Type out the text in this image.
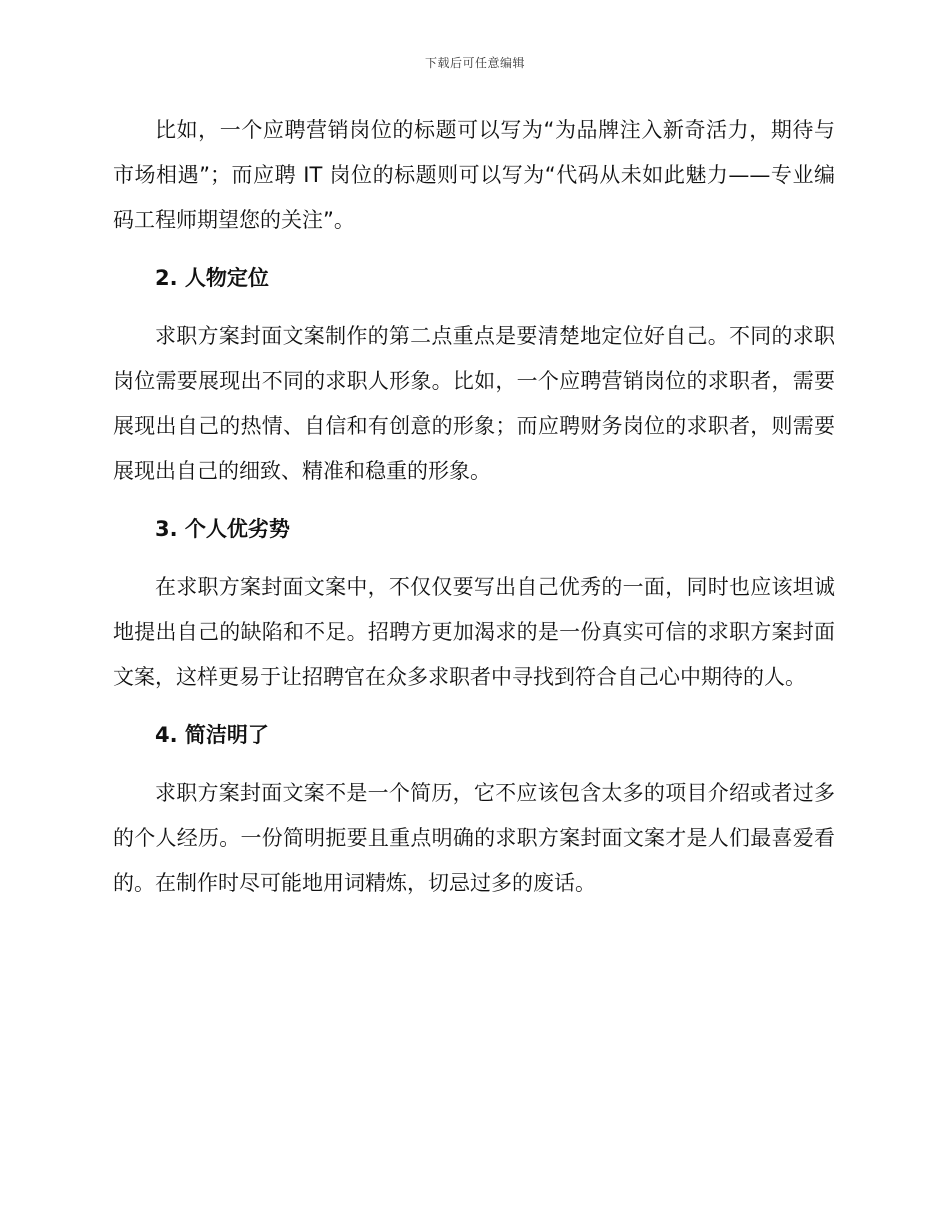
下载后可任意编辑

比如，一个应聘营销岗位的标题可以写为“为品牌注入新奇活力，期待与市场相遇”；而应聘 IT 岗位的标题则可以写为“代码从未如此魅力——专业编码工程师期望您的关注”。

2. 人物定位

求职方案封面文案制作的第二点重点是要清楚地定位好自己。不同的求职岗位需要展现出不同的求职人形象。比如，一个应聘营销岗位的求职者，需要展现出自己的热情、自信和有创意的形象；而应聘财务岗位的求职者，则需要展现出自己的细致、精准和稳重的形象。

3. 个人优劣势

在求职方案封面文案中，不仅仅要写出自己优秀的一面，同时也应该坦诚地提出自己的缺陷和不足。招聘方更加渴求的是一份真实可信的求职方案封面文案，这样更易于让招聘官在众多求职者中寻找到符合自己心中期待的人。

4. 简洁明了

求职方案封面文案不是一个简历，它不应该包含太多的项目介绍或者过多的个人经历。一份简明扼要且重点明确的求职方案封面文案才是人们最喜爱看的。在制作时尽可能地用词精炼，切忌过多的废话。
